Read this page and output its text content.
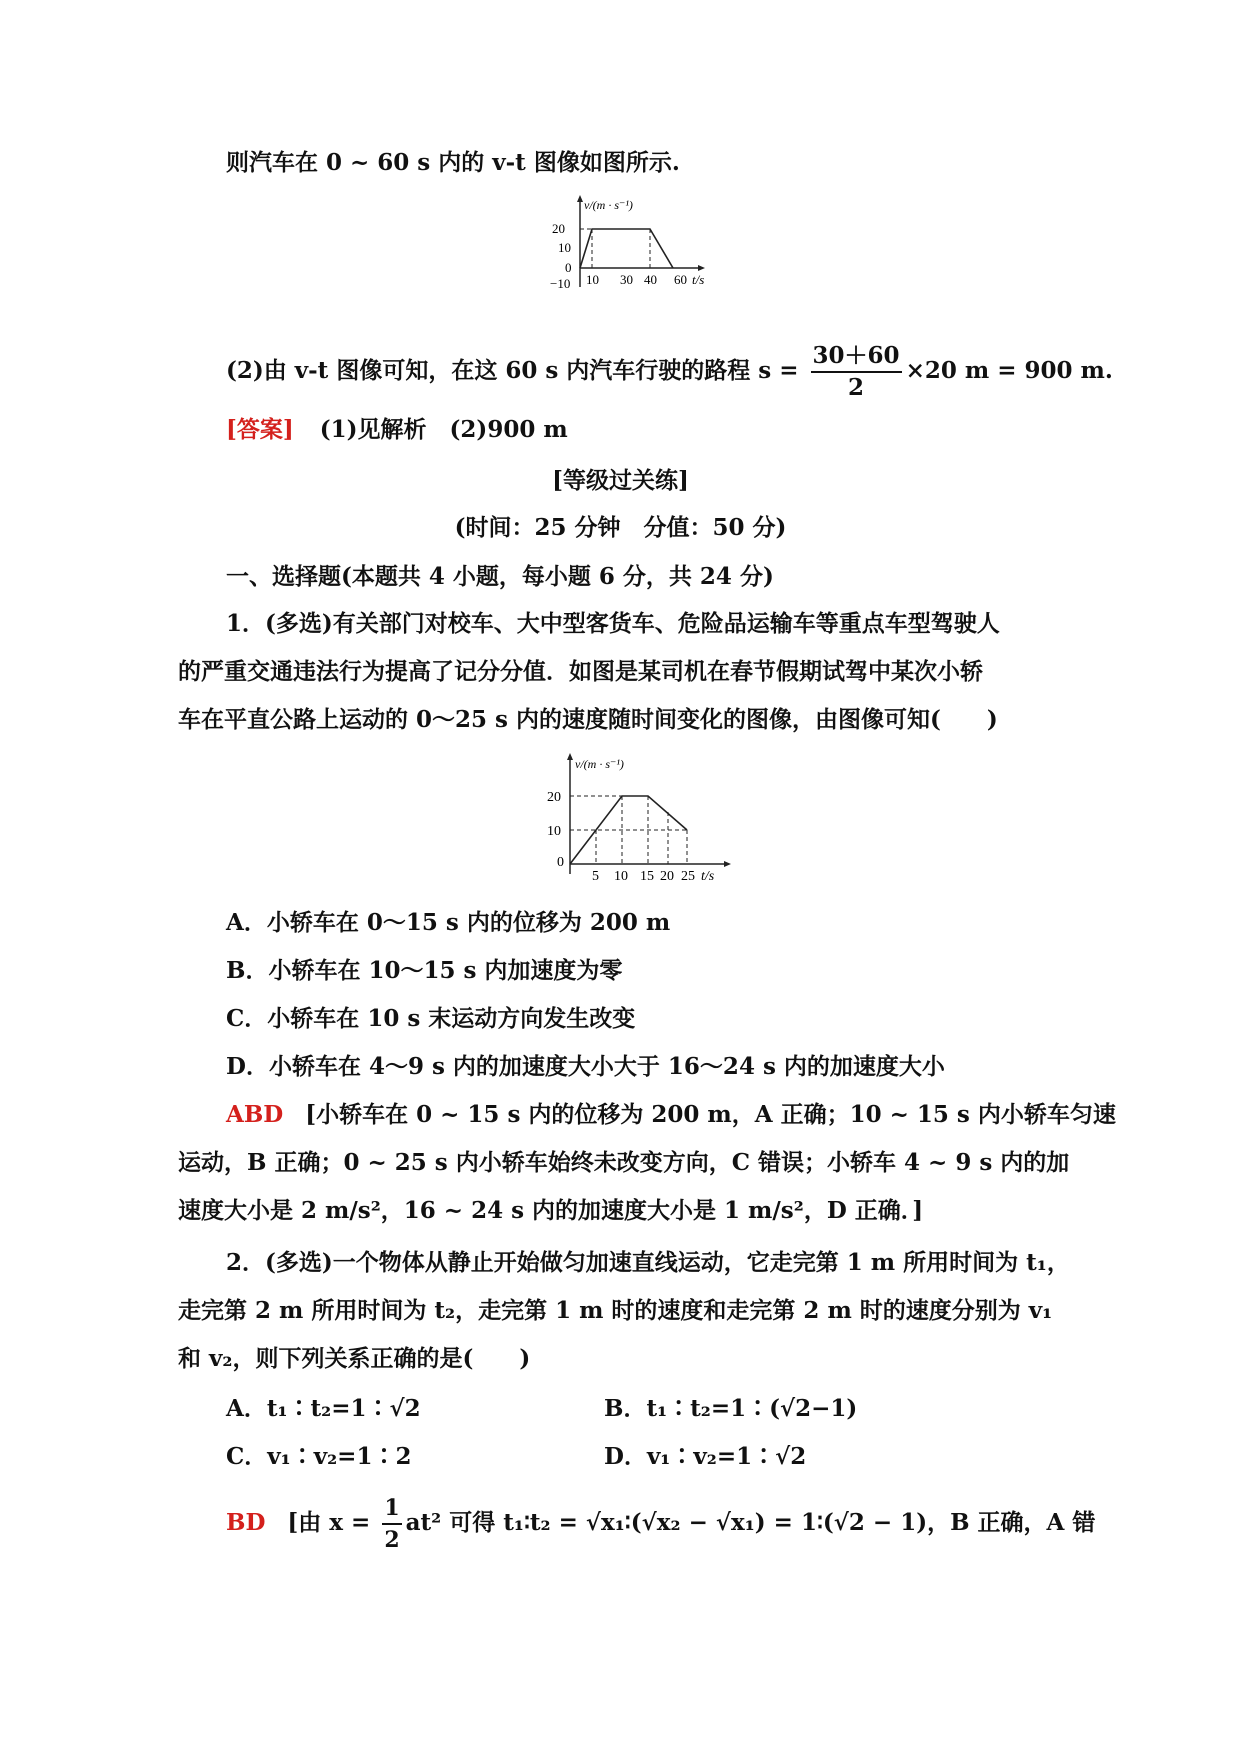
则汽车在 0 ~ 60 s 内的 v-t 图像如图所示.
v/(m · s⁻¹)
20
10
0
−10 10 30 40 60 t/s
(2)由 v-t 图像可知，在这 60 s 内汽车行驶的路程 $s = \frac{30+60}{2} \times 20$ m = 900 m.
[答案] (1)见解析　(2)900 m
[等级过关练]
(时间：25 分钟　分值：50 分)
一、选择题(本题共 4 小题，每小题 6 分，共 24 分)
1．(多选)有关部门对校车、大中型客货车、危险品运输车等重点车型驾驶人
的严重交通违法行为提高了记分分值．如图是某司机在春节假期试驾中某次小轿
车在平直公路上运动的 0～25 s 内的速度随时间变化的图像，由图像可知(　　)
v/(m · s⁻¹)
20
10
0
5 10 15 20 25 t/s
A．小轿车在 0～15 s 内的位移为 200 m
B．小轿车在 10～15 s 内加速度为零
C．小轿车在 10 s 末运动方向发生改变
D．小轿车在 4～9 s 内的加速度大小大于 16～24 s 内的加速度大小
ABD [小轿车在 0 ~ 15 s 内的位移为 200 m，A 正确；10 ~ 15 s 内小轿车匀速
运动，B 正确；0 ~ 25 s 内小轿车始终未改变方向，C 错误；小轿车 4 ~ 9 s 内的加
速度大小是 2 m/s²，16 ~ 24 s 内的加速度大小是 1 m/s²，D 正确．]
2．(多选)一个物体从静止开始做匀加速直线运动，它走完第 1 m 所用时间为 t₁，
走完第 2 m 所用时间为 t₂，走完第 1 m 时的速度和走完第 2 m 时的速度分别为 v₁
和 v₂，则下列关系正确的是(　　)
A．t₁∶t₂=1∶√2	B．t₁∶t₂=1∶(√2−1)
C．v₁∶v₂=1∶2	D．v₁∶v₂=1∶√2
BD [由 $x = \frac{1}{2} at^2$ 可得 t₁∶t₂ = √x₁∶(√x₂ − √x₁) = 1∶(√2 − 1)，B 正确，A 错
